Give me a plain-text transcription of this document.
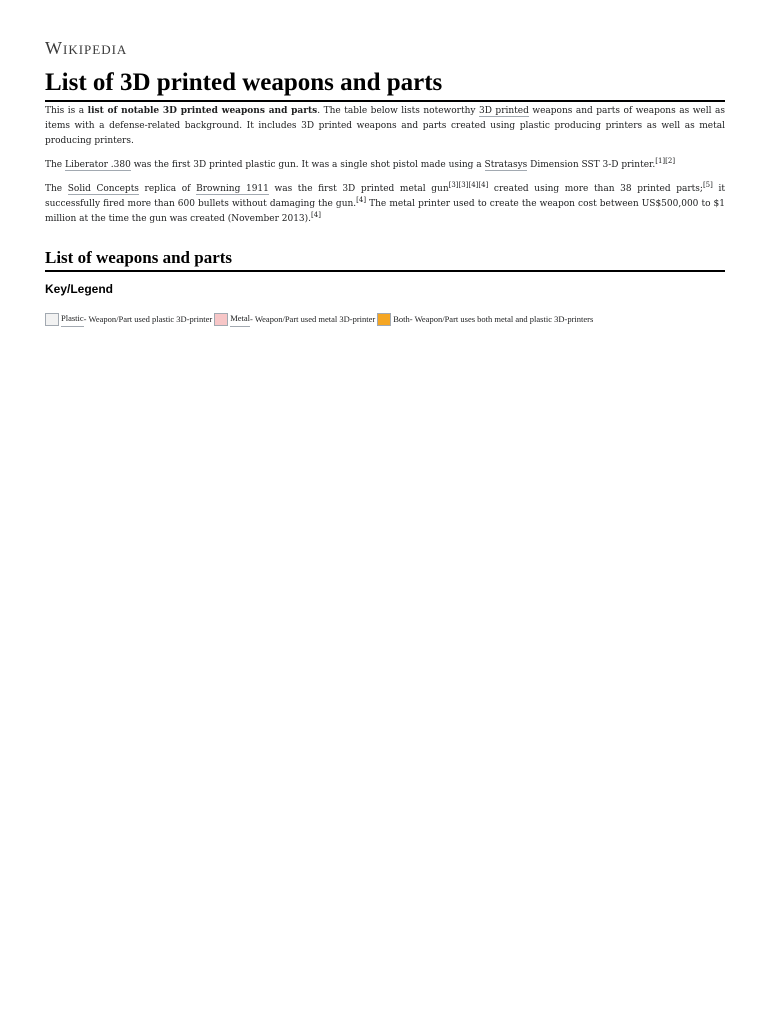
Wikipedia
List of 3D printed weapons and parts

This is a list of notable 3D printed weapons and parts. The table below lists noteworthy 3D printed weapons and parts of weapons as well as items with a defense-related background. It includes 3D printed weapons and parts created using plastic producing printers as well as metal producing printers.

The Liberator .380 was the first 3D printed plastic gun. It was a single shot pistol made using a Stratasys Dimension SST 3-D printer.[1][2]

The Solid Concepts replica of Browning 1911 was the first 3D printed metal gun[3][3][4][4] created using more than 38 printed parts;[5] it successfully fired more than 600 bullets without damaging the gun.[4] The metal printer used to create the weapon cost between US$500,000 to $1 million at the time the gun was created (November 2013).[4]

List of weapons and parts
Key/Legend
Plastic - Weapon/Part used plastic 3D-printer Metal - Weapon/Part used metal 3D-printer Both - Weapon/Part uses both metal and plastic 3D-printers
